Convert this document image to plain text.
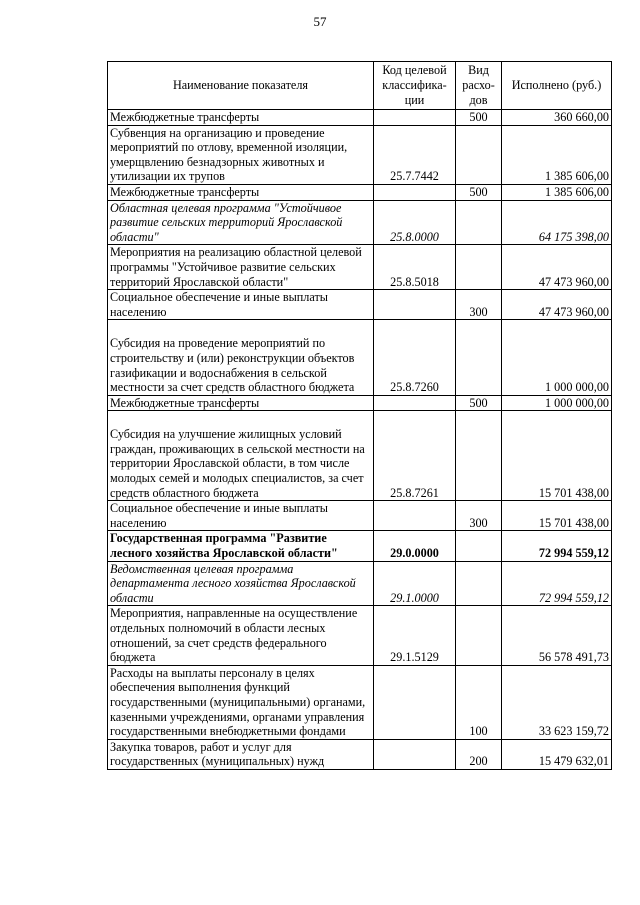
57
Наименование показателя	Код целевой классифика-ции	Вид расхо-дов	Исполнено (руб.)
Межбюджетные трансферты		500	360 660,00
Субвенция на организацию и проведение мероприятий по отлову, временной изоляции, умерщвлению безнадзорных животных и утилизации их трупов	25.7.7442		1 385 606,00
Межбюджетные трансферты		500	1 385 606,00
Областная целевая программа "Устойчивое развитие сельских территорий Ярославской области"	25.8.0000		64 175 398,00
Мероприятия на реализацию областной целевой программы "Устойчивое развитие сельских территорий Ярославской области"	25.8.5018		47 473 960,00
Социальное обеспечение и иные выплаты населению		300	47 473 960,00
Субсидия на проведение мероприятий по строительству и (или) реконструкции объектов газификации и водоснабжения в сельской местности за счет средств областного бюджета	25.8.7260		1 000 000,00
Межбюджетные трансферты		500	1 000 000,00
Субсидия на улучшение жилищных условий граждан, проживающих в сельской местности на территории Ярославской области, в том числе молодых семей и молодых специалистов, за счет средств областного бюджета	25.8.7261		15 701 438,00
Социальное обеспечение и иные выплаты населению		300	15 701 438,00
Государственная программа "Развитие лесного хозяйства Ярославской области"	29.0.0000		72 994 559,12
Ведомственная целевая программа департамента лесного хозяйства Ярославской области	29.1.0000		72 994 559,12
Мероприятия, направленные на осуществление отдельных полномочий в области лесных отношений, за счет средств федерального бюджета	29.1.5129		56 578 491,73
Расходы на выплаты персоналу в целях обеспечения выполнения функций государственными (муниципальными) органами, казенными учреждениями, органами управления государственными внебюджетными фондами		100	33 623 159,72
Закупка товаров, работ и услуг для государственных (муниципальных) нужд		200	15 479 632,01
